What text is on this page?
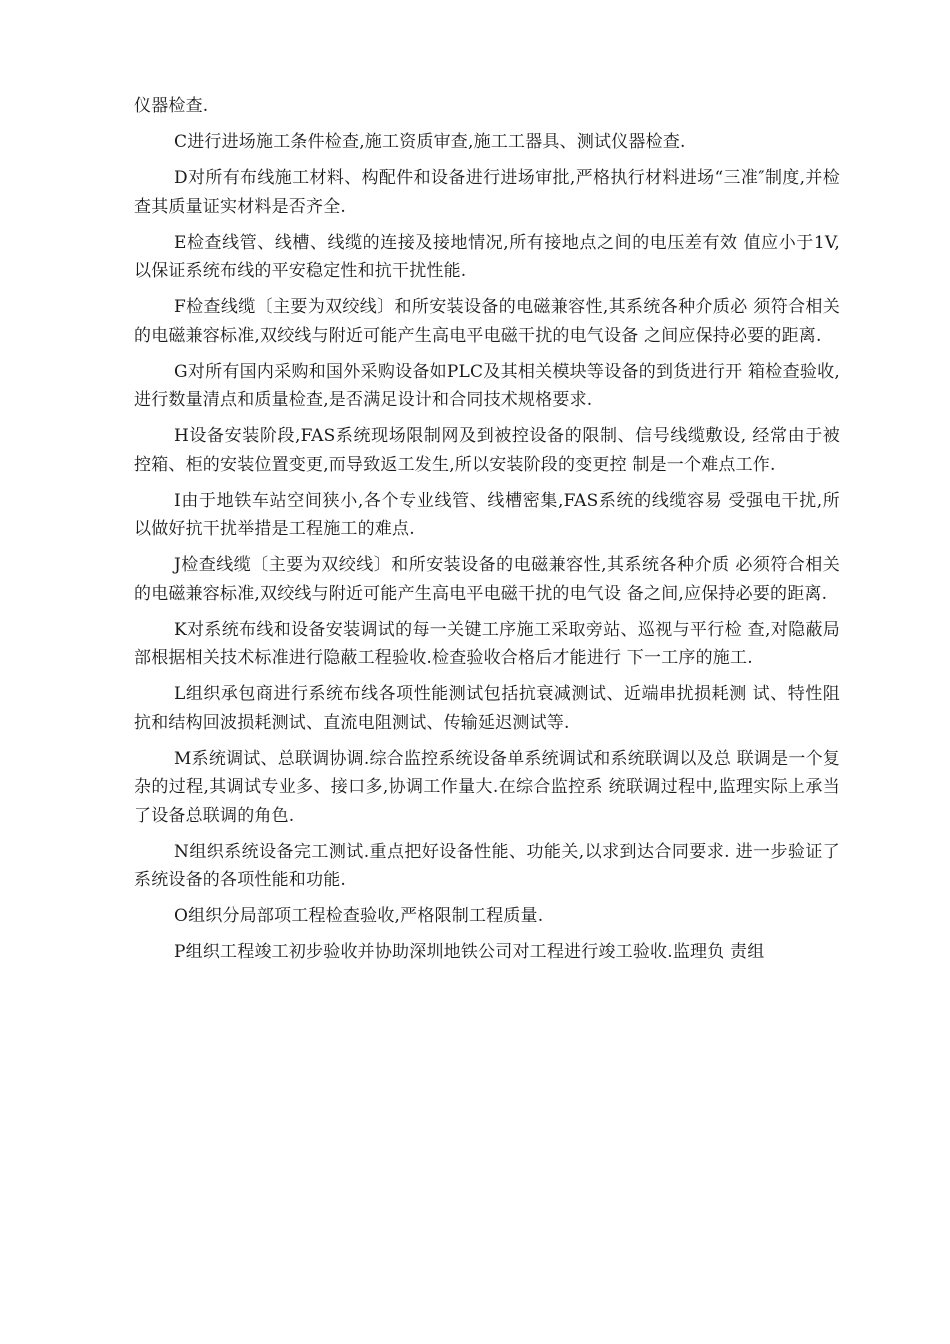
仪器检查.

C进行进场施工条件检查,施工资质审查,施工工器具、测试仪器检查.

D对所有布线施工材料、构配件和设备进行进场审批,严格执行材料进场“三准″制度,并检查其质量证实材料是否齐全.

E检查线管、线槽、线缆的连接及接地情况,所有接地点之间的电压差有效 值应小于1V,以保证系统布线的平安稳定性和抗干扰性能.

F检查线缆〔主要为双绞线〕和所安装设备的电磁兼容性,其系统各种介质必 须符合相关的电磁兼容标准,双绞线与附近可能产生高电平电磁干扰的电气设备 之间应保持必要的距离.

G对所有国内采购和国外采购设备如PLC及其相关模块等设备的到货进行开 箱检查验收,进行数量清点和质量检查,是否满足设计和合同技术规格要求.

H设备安装阶段,FAS系统现场限制网及到被控设备的限制、信号线缆敷设, 经常由于被控箱、柜的安装位置变更,而导致返工发生,所以安装阶段的变更控 制是一个难点工作.

I由于地铁车站空间狭小,各个专业线管、线槽密集,FAS系统的线缆容易 受强电干扰,所以做好抗干扰举措是工程施工的难点.

J检查线缆〔主要为双绞线〕和所安装设备的电磁兼容性,其系统各种介质 必须符合相关的电磁兼容标准,双绞线与附近可能产生高电平电磁干扰的电气设 备之间,应保持必要的距离.

K对系统布线和设备安装调试的每一关键工序施工采取旁站、巡视与平行检 查,对隐蔽局部根据相关技术标准进行隐蔽工程验收.检查验收合格后才能进行 下一工序的施工.

L组织承包商进行系统布线各项性能测试包括抗衰减测试、近端串扰损耗测 试、特性阻抗和结构回波损耗测试、直流电阻测试、传输延迟测试等.

M系统调试、总联调协调.综合监控系统设备单系统调试和系统联调以及总 联调是一个复杂的过程,其调试专业多、接口多,协调工作量大.在综合监控系 统联调过程中,监理实际上承当了设备总联调的角色.

N组织系统设备完工测试.重点把好设备性能、功能关,以求到达合同要求. 进一步验证了系统设备的各项性能和功能.

O组织分局部项工程检查验收,严格限制工程质量.

P组织工程竣工初步验收并协助深圳地铁公司对工程进行竣工验收.监理负 责组
